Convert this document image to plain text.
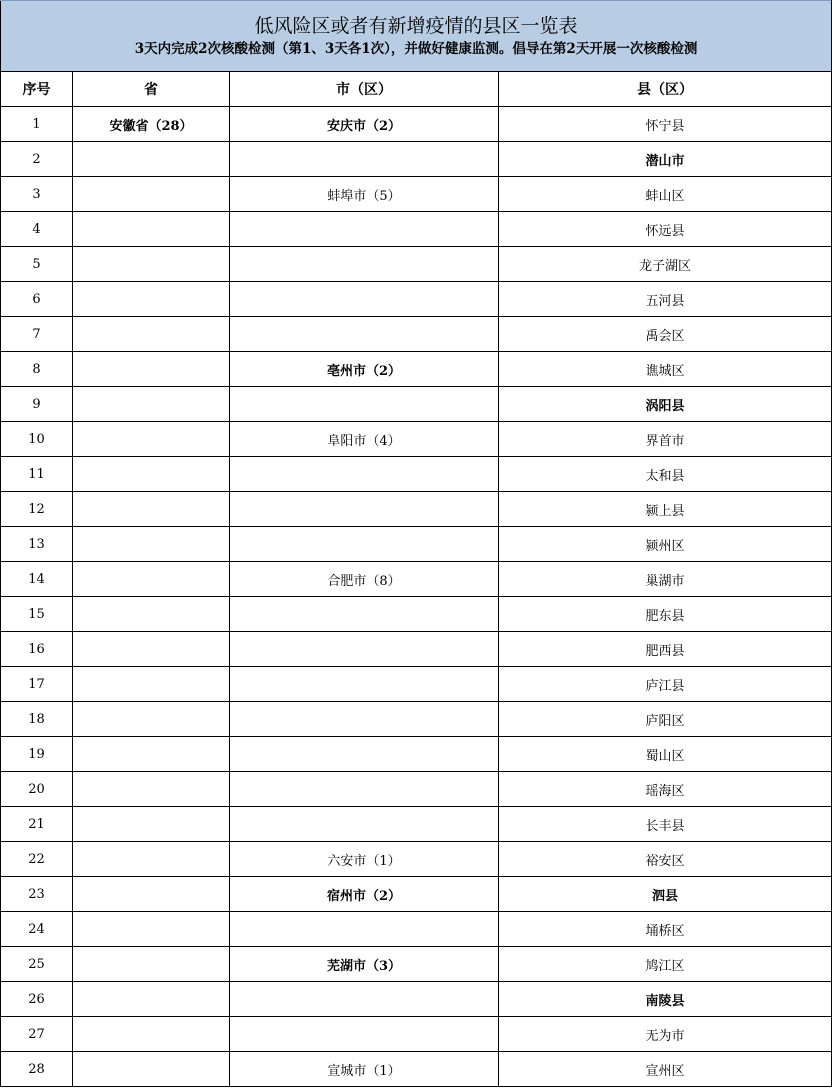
低风险区或者有新增疫情的县区一览表
3天内完成2次核酸检测（第1、3天各1次），并做好健康监测。倡导在第2天开展一次核酸检测			

序号	省	市（区）	县（区）
1	安徽省（28）	安庆市（2）	怀宁县
2			潜山市
3		蚌埠市（5）	蚌山区
4			怀远县
5			龙子湖区
6			五河县
7			禹会区
8		亳州市（2）	谯城区
9			涡阳县
10		阜阳市（4）	界首市
11			太和县
12			颍上县
13			颍州区
14		合肥市（8）	巢湖市
15			肥东县
16			肥西县
17			庐江县
18			庐阳区
19			蜀山区
20			瑶海区
21			长丰县
22		六安市（1）	裕安区
23		宿州市（2）	泗县
24			埇桥区
25		芜湖市（3）	鸠江区
26			南陵县
27			无为市
28		宣城市（1）	宣州区
